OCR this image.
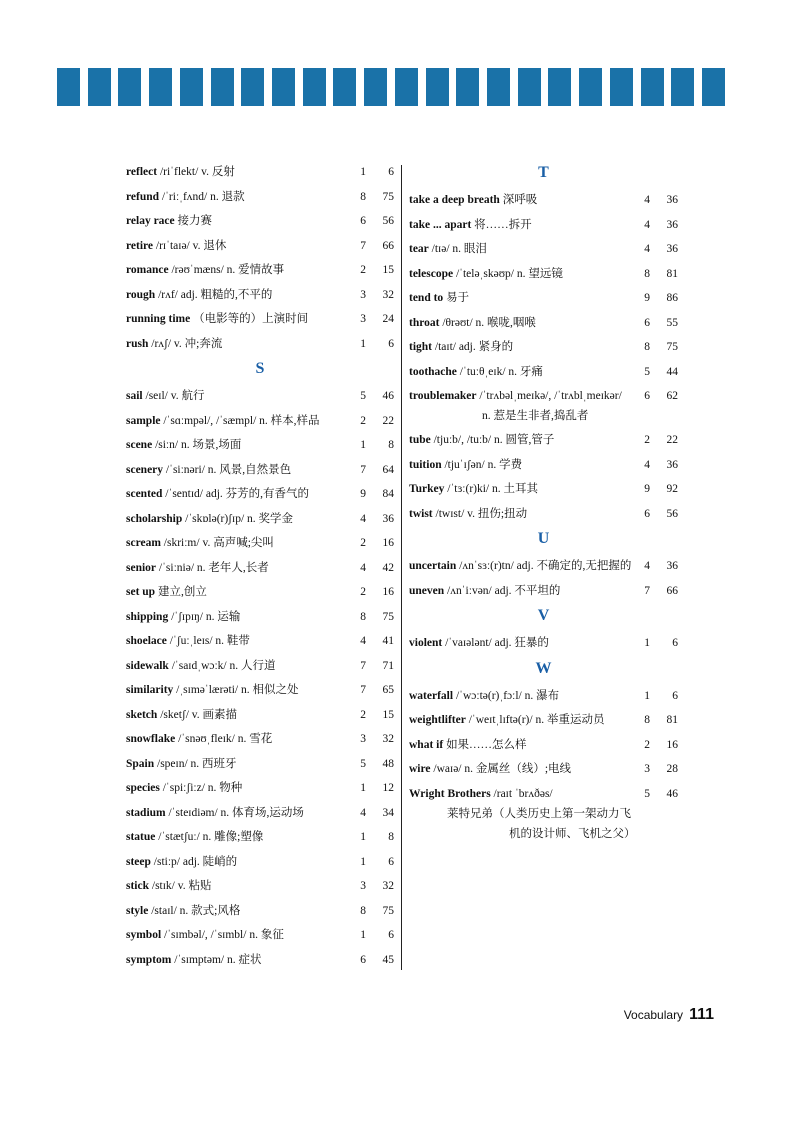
reflect /riˈflekt/ v. 反射	1 6
refund /ˈriːˌfʌnd/ n. 退款	8 75
relay race 接力赛	6 56
retire /rɪˈtaɪə/ v. 退休	7 66
romance /rəʊˈmæns/ n. 爱情故事	2 15
rough /rʌf/ adj. 粗糙的,不平的	3 32
running time （电影等的）上演时间	3 24
rush /rʌʃ/ v. 冲;奔流	1 6
S
sail /seɪl/ v. 航行	5 46
sample /ˈsɑːmpəl/, /ˈsæmpl/ n. 样本,样品	2 22
scene /siːn/ n. 场景,场面	1 8
scenery /ˈsiːnəri/ n. 风景,自然景色	7 64
scented /ˈsentɪd/ adj. 芬芳的,有香气的	9 84
scholarship /ˈskɒlə(r)ʃɪp/ n. 奖学金	4 36
scream /skriːm/ v. 高声喊;尖叫	2 16
senior /ˈsiːniə/ n. 老年人,长者	4 42
set up 建立,创立	2 16
shipping /ˈʃɪpɪŋ/ n. 运输	8 75
shoelace /ˈʃuːˌleɪs/ n. 鞋带	4 41
sidewalk /ˈsaɪdˌwɔːk/ n. 人行道	7 71
similarity /ˌsɪməˈlærəti/ n. 相似之处	7 65
sketch /sketʃ/ v. 画素描	2 15
snowflake /ˈsnəʊˌfleɪk/ n. 雪花	3 32
Spain /speɪn/ n. 西班牙	5 48
species /ˈspiːʃiːz/ n. 物种	1 12
stadium /ˈsteɪdiəm/ n. 体育场,运动场	4 34
statue /ˈstætʃuː/ n. 雕像;塑像	1 8
steep /stiːp/ adj. 陡峭的	1 6
stick /stɪk/ v. 粘贴	3 32
style /staɪl/ n. 款式;风格	8 75
symbol /ˈsɪmbəl/, /ˈsɪmbl/ n. 象征	1 6
symptom /ˈsɪmptəm/ n. 症状	6 45
T
take a deep breath 深呼吸	4 36
take ... apart 将……拆开	4 36
tear /tɪə/ n. 眼泪	4 36
telescope /ˈteləˌskəʊp/ n. 望远镜	8 81
tend to 易于	9 86
throat /θrəʊt/ n. 喉咙,咽喉	6 55
tight /taɪt/ adj. 紧身的	8 75
toothache /ˈtuːθˌeɪk/ n. 牙痛	5 44
troublemaker /ˈtrʌbəlˌmeɪkə/, /ˈtrʌblˌmeɪkər/
n. 惹是生非者,捣乱者
6 62
tube /tjuːb/, /tuːb/ n. 圆管,管子	2 22
tuition /tjuˈɪʃən/ n. 学费	4 36
Turkey /ˈtɜː(r)ki/ n. 土耳其	9 92
twist /twɪst/ v. 扭伤;扭动	6 56
U
uncertain /ʌnˈsɜː(r)tn/ adj. 不确定的,无把握的 4 36
uneven /ʌnˈiːvən/ adj. 不平坦的	7 66
V
violent /ˈvaɪələnt/ adj. 狂暴的	1 6
W
waterfall /ˈwɔːtə(r)ˌfɔːl/ n. 瀑布	1 6
weightlifter /ˈweɪtˌlɪftə(r)/ n. 举重运动员	8 81
what if 如果……怎么样	2 16
wire /waɪə/ n. 金属丝（线）;电线	3 28
Wright Brothers /raɪt ˈbrʌðəs/
莱特兄弟（人类历史上第一架动力飞
机的设计师、飞机之父）
5 46
Vocabulary 111
